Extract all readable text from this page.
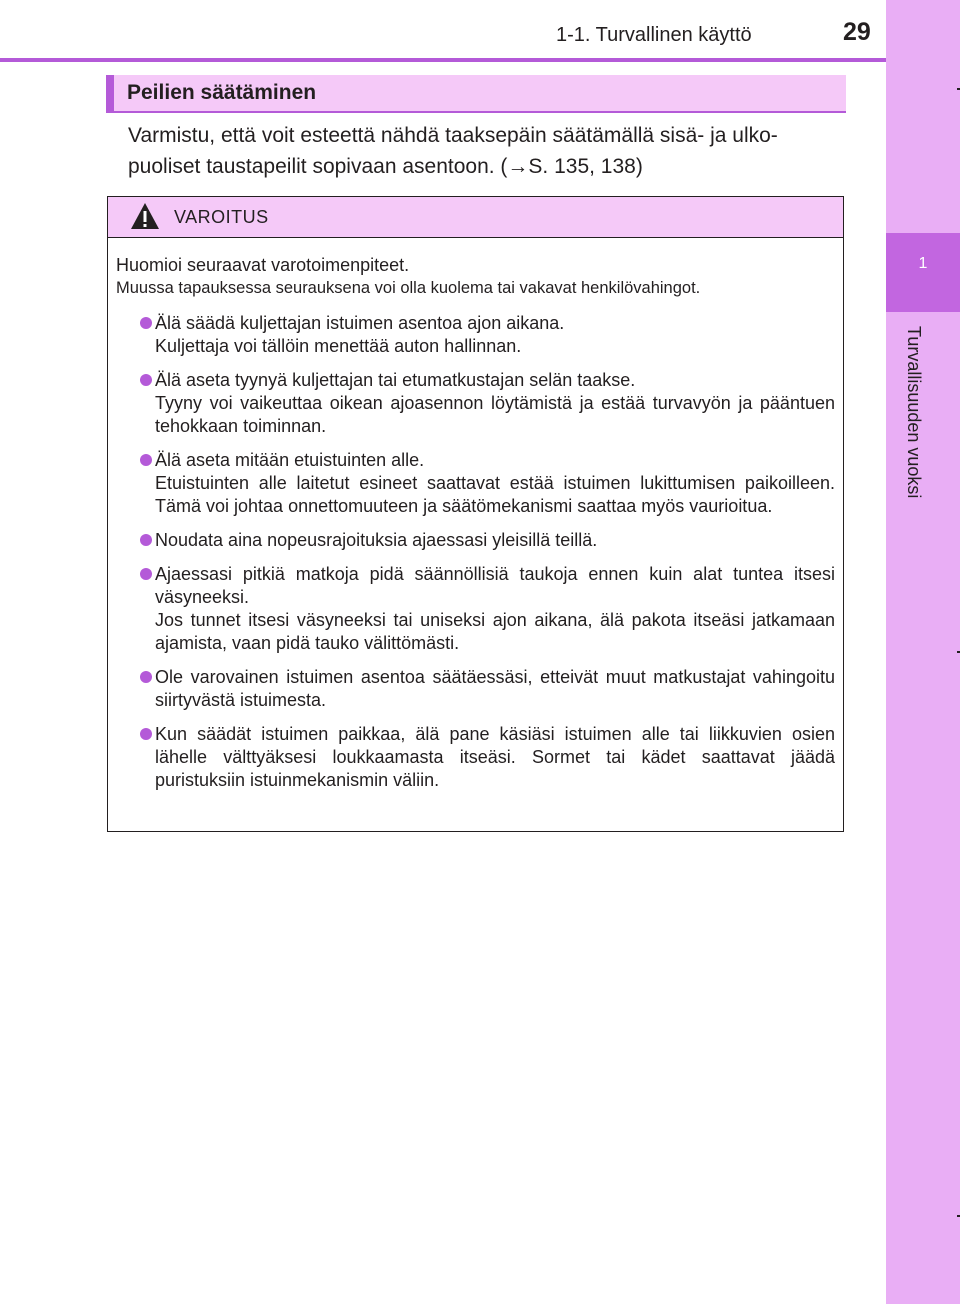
1
Turvallisuuden vuoksi
1-1. Turvallinen käyttö	29
Peilien säätäminen
Varmistu, että voit esteettä nähdä taaksepäin säätämällä sisä- ja ulko-
puoliset taustapeilit sopivaan asentoon. (→S. 135, 138)
VAROITUS

Huomioi seuraavat varotoimenpiteet.

Muussa tapauksessa seurauksena voi olla kuolema tai vakavat henkilövahingot.

Älä säädä kuljettajan istuimen asentoa ajon aikana.

Kuljettaja voi tällöin menettää auton hallinnan.

Älä aseta tyynyä kuljettajan tai etumatkustajan selän taakse.

Tyyny voi vaikeuttaa oikean ajoasennon löytämistä ja estää turvavyön ja pääntuen tehokkaan toiminnan.

Älä aseta mitään etuistuinten alle.

Etuistuinten alle laitetut esineet saattavat estää istuimen lukittumisen paikoilleen. Tämä voi johtaa onnettomuuteen ja säätömekanismi saattaa myös vaurioitua.

Noudata aina nopeusrajoituksia ajaessasi yleisillä teillä.

Ajaessasi pitkiä matkoja pidä säännöllisiä taukoja ennen kuin alat tuntea itsesi väsyneeksi.

Jos tunnet itsesi väsyneeksi tai uniseksi ajon aikana, älä pakota itseäsi jatkamaan ajamista, vaan pidä tauko välittömästi.

Ole varovainen istuimen asentoa säätäessäsi, etteivät muut matkustajat vahingoitu siirtyvästä istuimesta.

Kun säädät istuimen paikkaa, älä pane käsiäsi istuimen alle tai liikkuvien osien lähelle välttyäksesi loukkaamasta itseäsi. Sormet tai kädet saattavat jäädä puristuksiin istuinmekanismin väliin.
